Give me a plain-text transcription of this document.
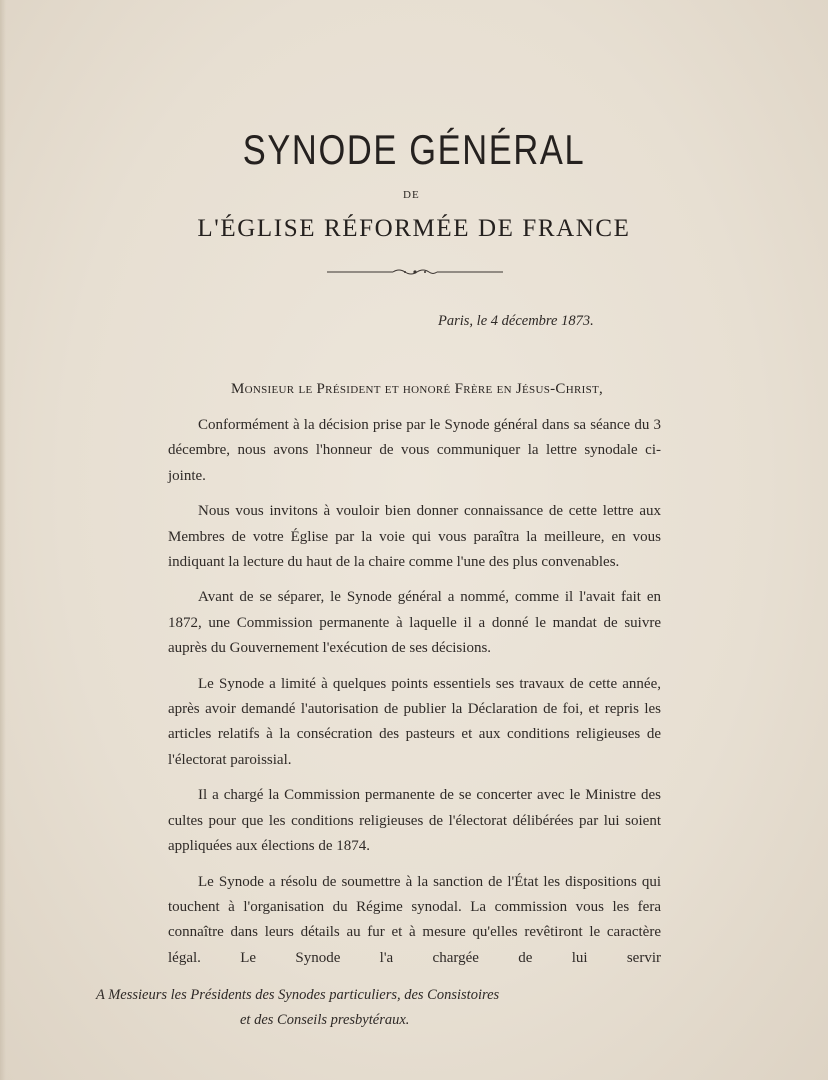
SYNODE GÉNÉRAL
DE
L'ÉGLISE RÉFORMÉE DE FRANCE
Paris, le 4 décembre 1873.
Monsieur le Président et honoré Frère en Jésus-Christ,

Conformément à la décision prise par le Synode général dans sa séance du 3 décembre, nous avons l'honneur de vous communiquer la lettre synodale ci-jointe.

Nous vous invitons à vouloir bien donner connaissance de cette lettre aux Membres de votre Église par la voie qui vous paraîtra la meilleure, en vous indiquant la lecture du haut de la chaire comme l'une des plus convenables.

Avant de se séparer, le Synode général a nommé, comme il l'avait fait en 1872, une Commission permanente à laquelle il a donné le mandat de suivre auprès du Gouvernement l'exécution de ses décisions.

Le Synode a limité à quelques points essentiels ses travaux de cette année, après avoir demandé l'autorisation de publier la Déclaration de foi, et repris les articles relatifs à la consécration des pasteurs et aux conditions religieuses de l'électorat paroissial.

Il a chargé la Commission permanente de se concerter avec le Ministre des cultes pour que les conditions religieuses de l'électorat délibérées par lui soient appliquées aux élections de 1874.

Le Synode a résolu de soumettre à la sanction de l'État les dispositions qui touchent à l'organisation du Régime synodal. La commission vous les fera connaître dans leurs détails au fur et à mesure qu'elles revêtiront le caractère légal. Le Synode l'a chargée de lui servir

A Messieurs les Présidents des Synodes particuliers, des Consistoires
et des Conseils presbytéraux.
